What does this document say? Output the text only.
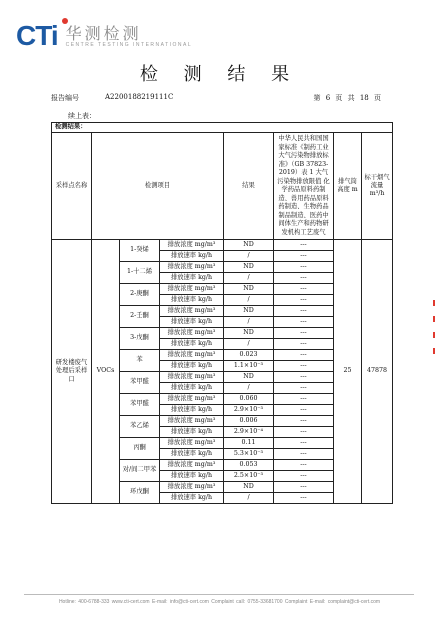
CTi 华测检测
CENTRE TESTING INTERNATIONAL
检 测 结 果
报告编号	A2200188219111C	第 6 页 共 18 页
续上表：
检测结果：							
采样点名称	检测项目			结果	中华人民共和国国家标准《制药工业大气污染物排放标准》（GB 37823-2019）表 1 大气污染物排放限值 化学药品原料药制造、兽用药品原料药制造、生物药品制品制造、医药中间体生产和药物研发机构工艺废气	排气筒高度 m	标干烟气流量 m³/h
研发楼废气处理后采样口	VOCs	1-癸烯	排放浓度 mg/m³	ND	---	25	47878
			排放速率 kg/h	/	---		
		1-十二烯	排放浓度 mg/m³	ND	---		
			排放速率 kg/h	/	---		
		2-庚酮	排放浓度 mg/m³	ND	---		
			排放速率 kg/h	/	---		
		2-壬酮	排放浓度 mg/m³	ND	---		
			排放速率 kg/h	/	---		
		3-戊酮	排放浓度 mg/m³	ND	---		
			排放速率 kg/h	/	---		
		苯	排放浓度 mg/m³	0.023	---		
			排放速率 kg/h	1.1×10⁻³	---		
		苯甲醛	排放浓度 mg/m³	ND	---		
			排放速率 kg/h	/	---		
		苯甲醛	排放浓度 mg/m³	0.060	---		
			排放速率 kg/h	2.9×10⁻³	---		
		苯乙烯	排放浓度 mg/m³	0.006	---		
			排放速率 kg/h	2.9×10⁻⁴	---		
		丙酮	排放浓度 mg/m³	0.11	---		
			排放速率 kg/h	5.3×10⁻³	---		
		对/间二甲苯	排放浓度 mg/m³	0.053	---		
			排放速率 kg/h	2.5×10⁻³	---		
		环戊酮	排放浓度 mg/m³	ND	---		
			排放速率 kg/h	/	---		
Hotline: 400-6788-333 www.cti-cert.com E-mail: info@cti-cert.com Complaint call: 0755-33681700 Complaint E-mail: complaint@cti-cert.com
